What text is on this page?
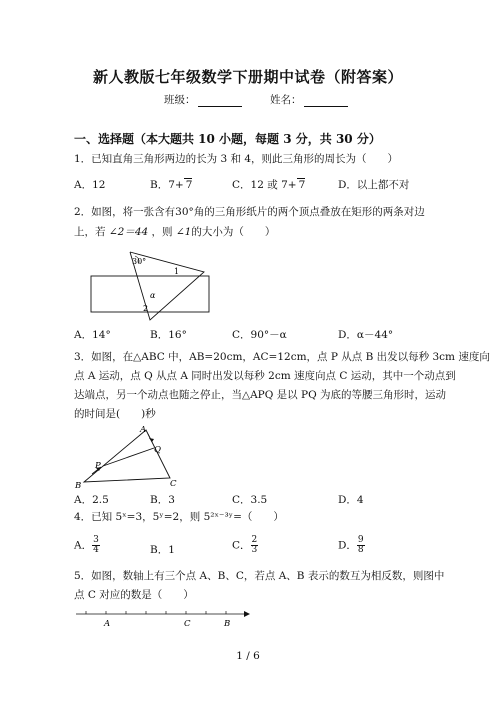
新人教版七年级数学下册期中试卷（附答案）
班级：	姓名：
一、选择题（本大题共 10 小题，每题 3 分，共 30 分）
1．已知直角三角形两边的长为 3 和 4，则此三角形的周长为（　　）
A．12	B．7+ 7	C．12 或 7+ 7	D．以上都不对
2．如图，将一张含有30°角的三角形纸片的两个顶点叠放在矩形的两条对边
上，若 ∠2＝44 ，则 ∠1的大小为（　　）
30°
1
2
α
A．14°	B．16°	C．90°－α	D．α－44°
3．如图，在△ABC 中，AB=20cm，AC=12cm，点 P 从点 B 出发以每秒 3cm 速度向
点 A 运动，点 Q 从点 A 同时出发以每秒 2cm 速度向点 C 运动，其中一个动点到
达端点，另一个动点也随之停止，当△APQ 是以 PQ 为底的等腰三角形时，运动
的时间是(　　)秒
A
B	C
P
Q
A．2.5	B．3	C．3.5	D．4
4．已知 5ˣ=3，5ʸ=2，则 5²ˣ⁻³ʸ=（　　）
A． $\frac{3}{4}$	B．1	C． $\frac{2}{3}$	D． $\frac{9}{8}$
5．如图，数轴上有三个点 A、B、C，若点 A、B 表示的数互为相反数，则图中
点 C 对应的数是（　　）
A	C	B
1 / 6
